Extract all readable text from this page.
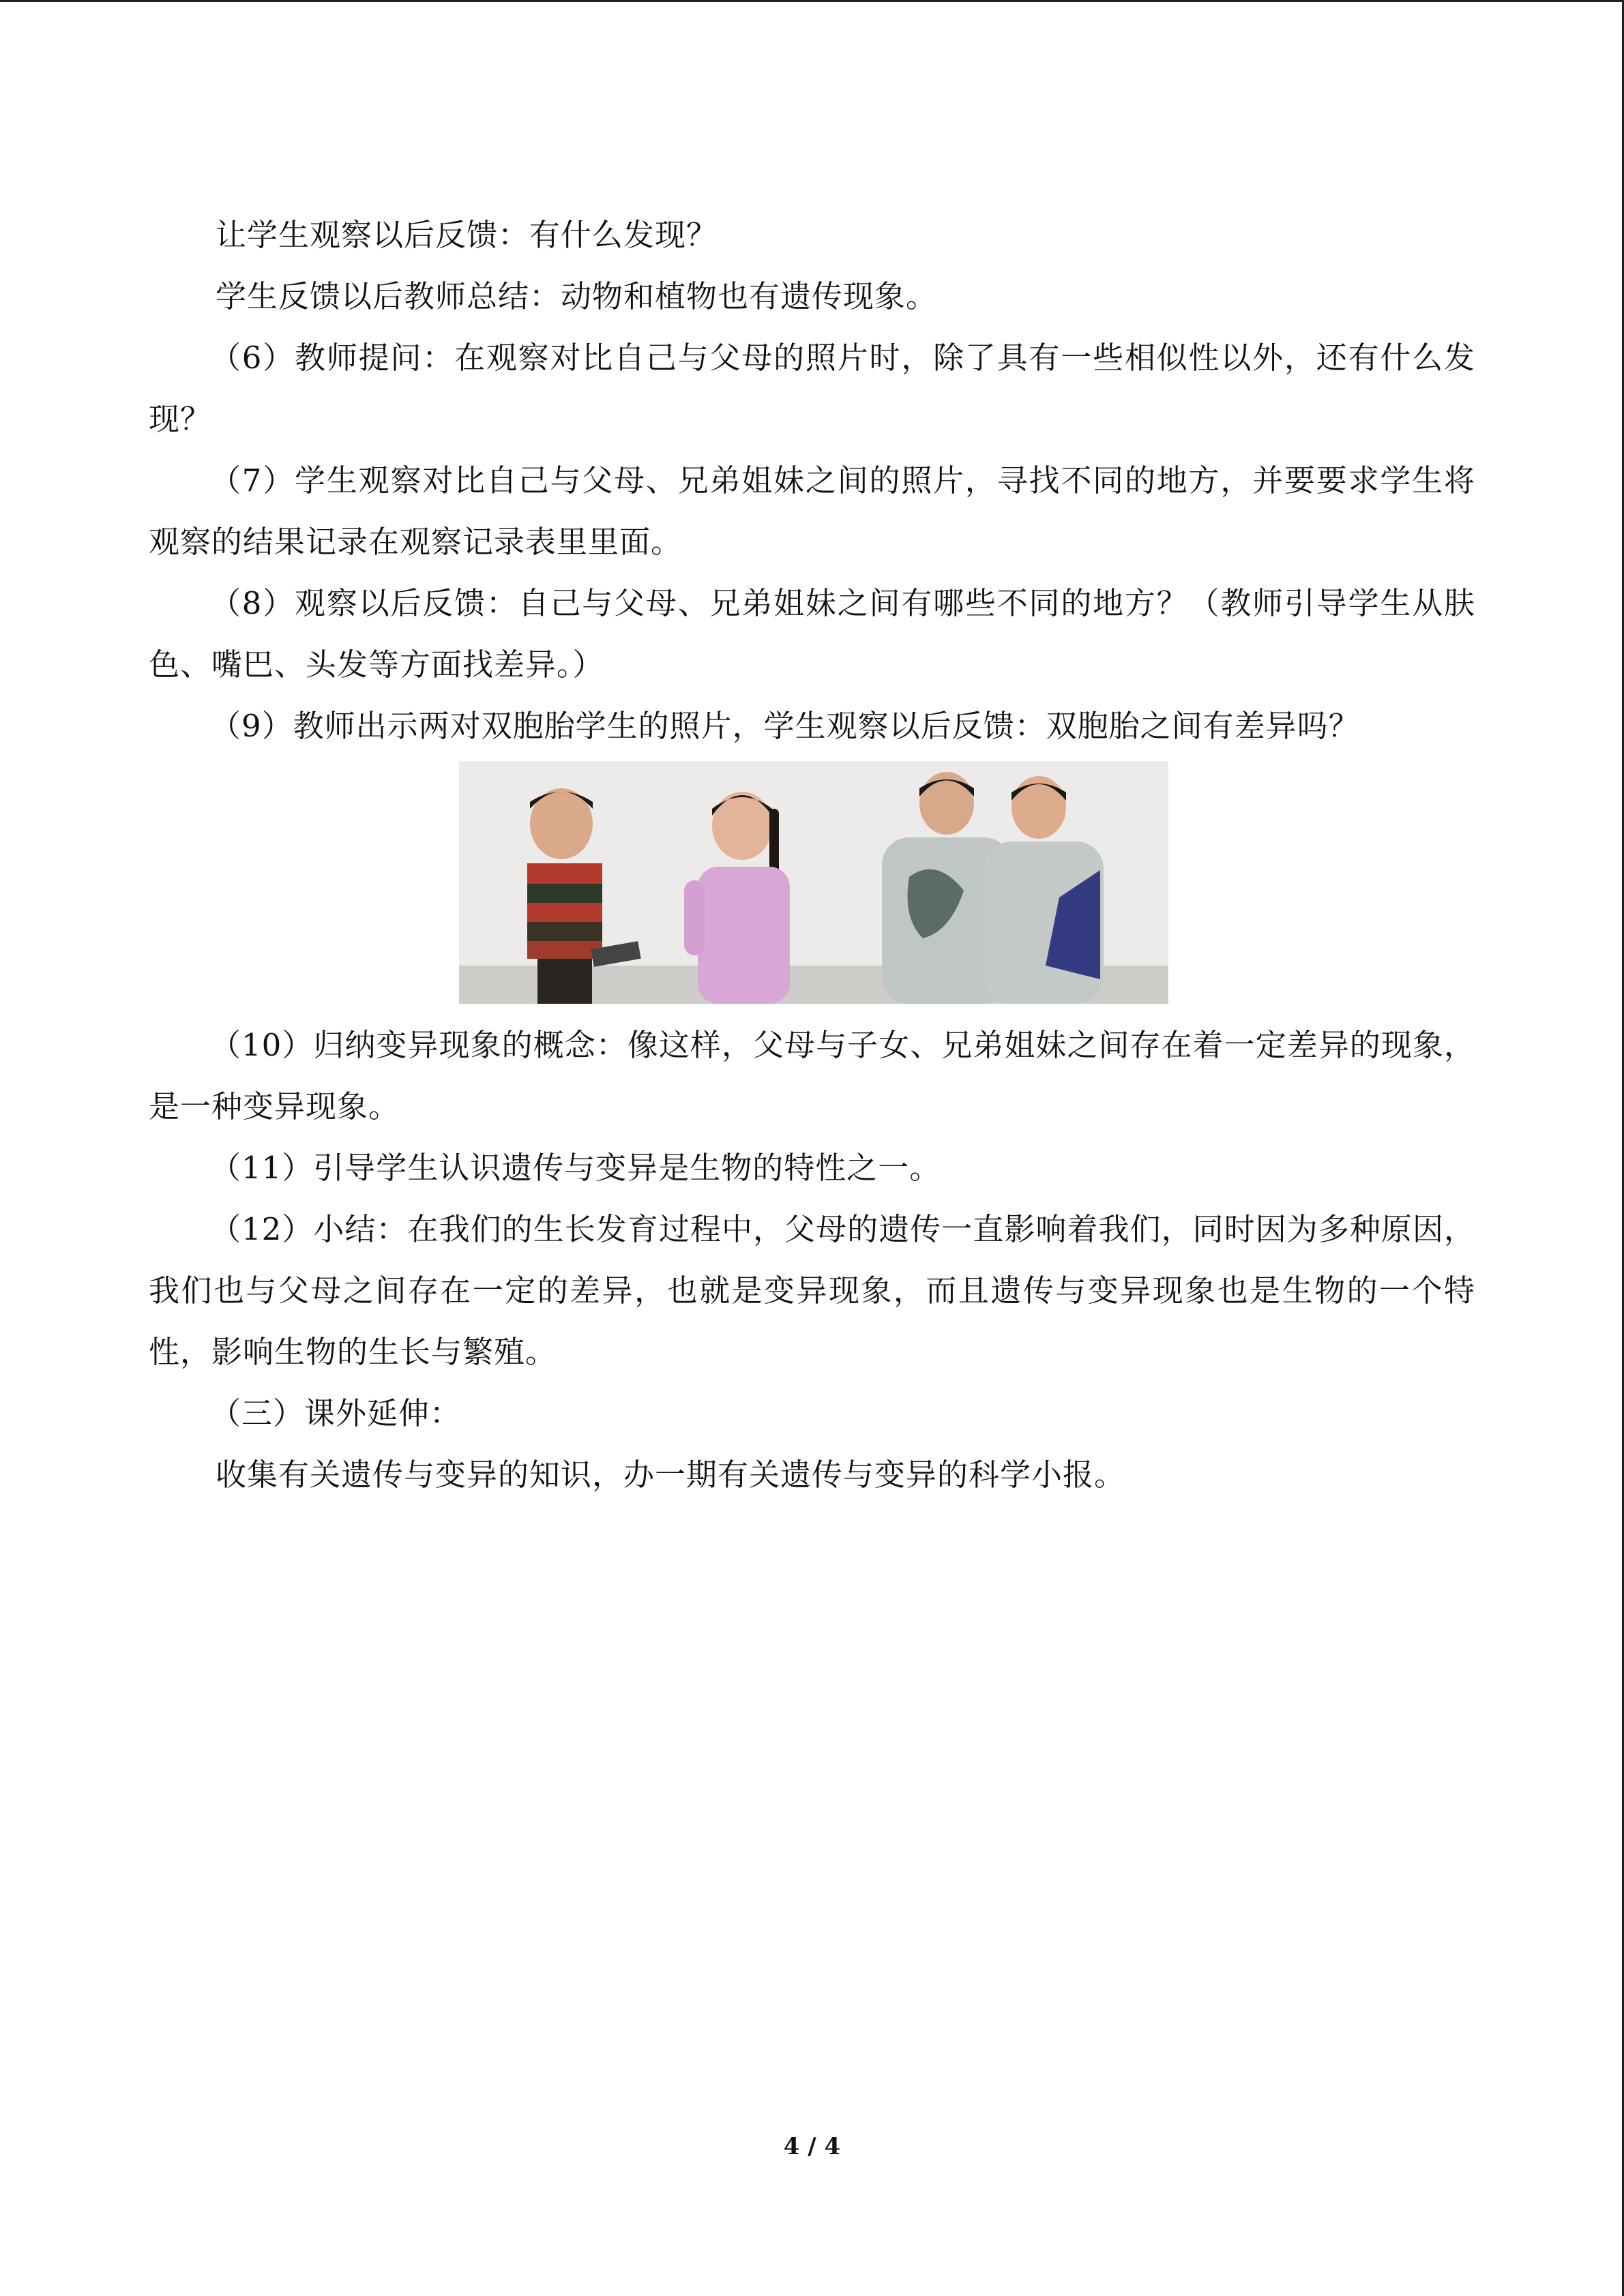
让学生观察以后反馈：有什么发现？

学生反馈以后教师总结：动物和植物也有遗传现象。

（6）教师提问：在观察对比自己与父母的照片时，除了具有一些相似性以外，还有什么发现？

（7）学生观察对比自己与父母、兄弟姐妹之间的照片，寻找不同的地方，并要要求学生将观察的结果记录在观察记录表里里面。

（8）观察以后反馈：自己与父母、兄弟姐妹之间有哪些不同的地方？（教师引导学生从肤色、嘴巴、头发等方面找差异。）

（9）教师出示两对双胞胎学生的照片，学生观察以后反馈：双胞胎之间有差异吗？

（10）归纳变异现象的概念：像这样，父母与子女、兄弟姐妹之间存在着一定差异的现象，是一种变异现象。

（11）引导学生认识遗传与变异是生物的特性之一。

（12）小结：在我们的生长发育过程中，父母的遗传一直影响着我们，同时因为多种原因，我们也与父母之间存在一定的差异，也就是变异现象，而且遗传与变异现象也是生物的一个特性，影响生物的生长与繁殖。

（三）课外延伸：

收集有关遗传与变异的知识，办一期有关遗传与变异的科学小报。

4 / 4
